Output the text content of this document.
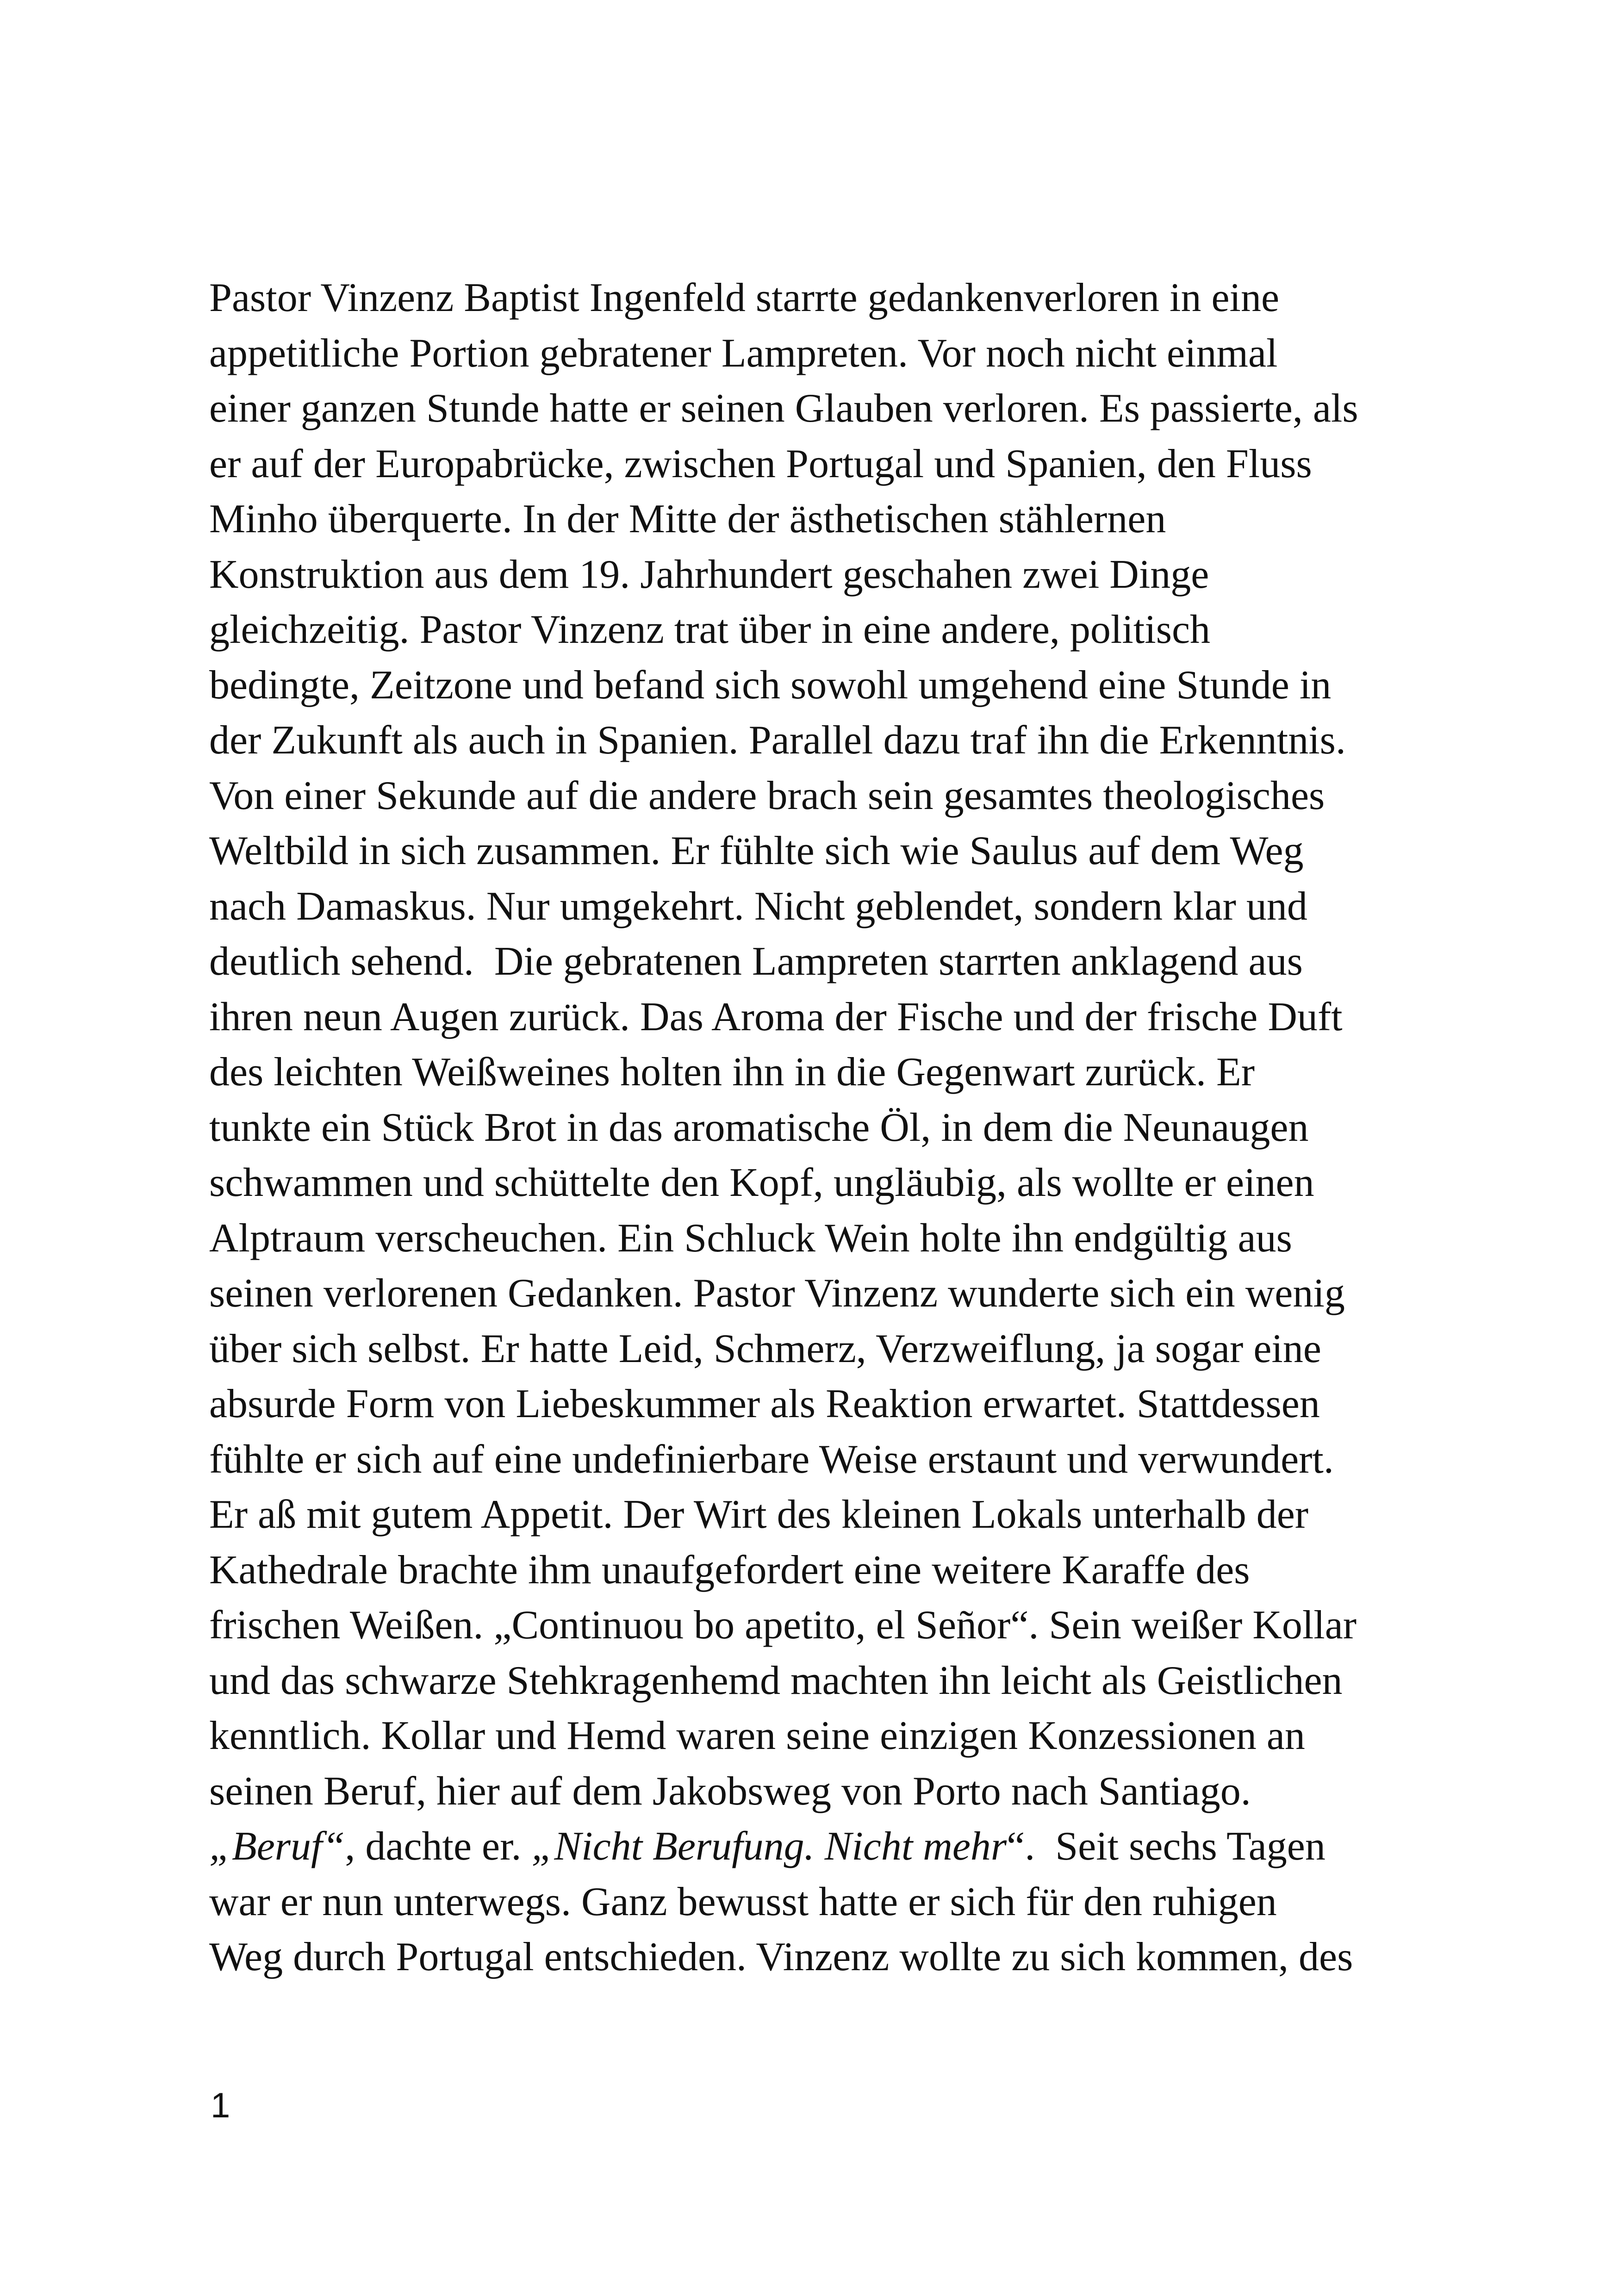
Pastor Vinzenz Baptist Ingenfeld starrte gedankenverloren in eine
appetitliche Portion gebratener Lampreten. Vor noch nicht einmal
einer ganzen Stunde hatte er seinen Glauben verloren. Es passierte, als
er auf der Europabrücke, zwischen Portugal und Spanien, den Fluss
Minho überquerte. In der Mitte der ästhetischen stählernen
Konstruktion aus dem 19. Jahrhundert geschahen zwei Dinge
gleichzeitig. Pastor Vinzenz trat über in eine andere, politisch
bedingte, Zeitzone und befand sich sowohl umgehend eine Stunde in
der Zukunft als auch in Spanien. Parallel dazu traf ihn die Erkenntnis.
Von einer Sekunde auf die andere brach sein gesamtes theologisches
Weltbild in sich zusammen. Er fühlte sich wie Saulus auf dem Weg
nach Damaskus. Nur umgekehrt. Nicht geblendet, sondern klar und
deutlich sehend.  Die gebratenen Lampreten starrten anklagend aus
ihren neun Augen zurück. Das Aroma der Fische und der frische Duft
des leichten Weißweines holten ihn in die Gegenwart zurück. Er
tunkte ein Stück Brot in das aromatische Öl, in dem die Neunaugen
schwammen und schüttelte den Kopf, ungläubig, als wollte er einen
Alptraum verscheuchen. Ein Schluck Wein holte ihn endgültig aus
seinen verlorenen Gedanken. Pastor Vinzenz wunderte sich ein wenig
über sich selbst. Er hatte Leid, Schmerz, Verzweiflung, ja sogar eine
absurde Form von Liebeskummer als Reaktion erwartet. Stattdessen
fühlte er sich auf eine undefinierbare Weise erstaunt und verwundert.
Er aß mit gutem Appetit. Der Wirt des kleinen Lokals unterhalb der
Kathedrale brachte ihm unaufgefordert eine weitere Karaffe des
frischen Weißen. „Continuou bo apetito, el Señor“. Sein weißer Kollar
und das schwarze Stehkragenhemd machten ihn leicht als Geistlichen
kenntlich. Kollar und Hemd waren seine einzigen Konzessionen an
seinen Beruf, hier auf dem Jakobsweg von Porto nach Santiago.
„Beruf“, dachte er. „Nicht Berufung. Nicht mehr“.  Seit sechs Tagen
war er nun unterwegs. Ganz bewusst hatte er sich für den ruhigen
Weg durch Portugal entschieden. Vinzenz wollte zu sich kommen, des
1
